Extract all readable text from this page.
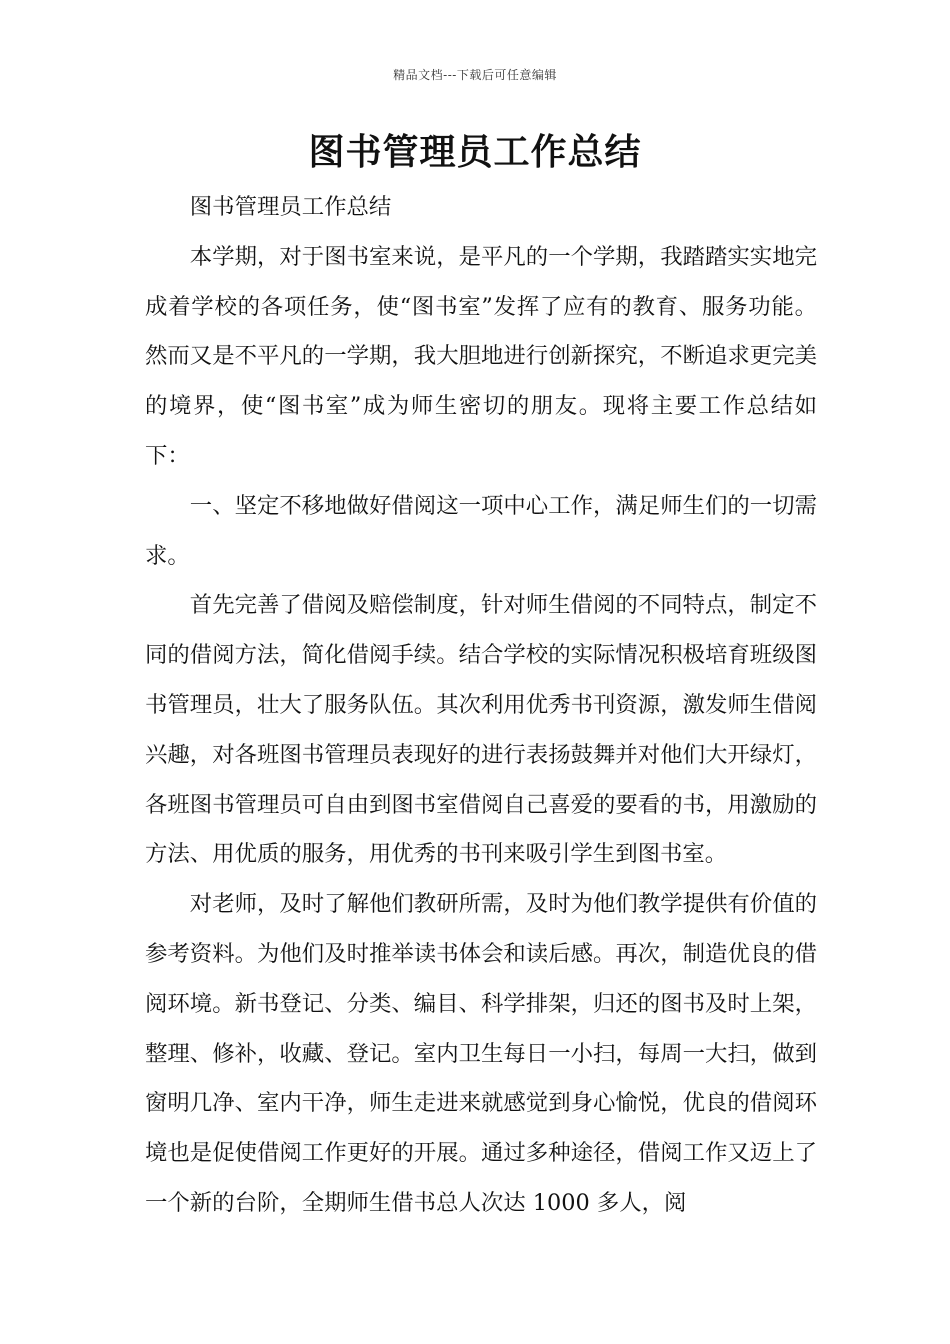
精品文档---下载后可任意编辑
图书管理员工作总结

图书管理员工作总结

本学期，对于图书室来说，是平凡的一个学期，我踏踏实实地完成着学校的各项任务，使“图书室”发挥了应有的教育、服务功能。然而又是不平凡的一学期，我大胆地进行创新探究，不断追求更完美的境界，使“图书室”成为师生密切的朋友。现将主要工作总结如下：

一、坚定不移地做好借阅这一项中心工作，满足师生们的一切需求。

首先完善了借阅及赔偿制度，针对师生借阅的不同特点，制定不同的借阅方法，简化借阅手续。结合学校的实际情况积极培育班级图书管理员，壮大了服务队伍。其次利用优秀书刊资源，激发师生借阅兴趣，对各班图书管理员表现好的进行表扬鼓舞并对他们大开绿灯，各班图书管理员可自由到图书室借阅自己喜爱的要看的书，用激励的方法、用优质的服务，用优秀的书刊来吸引学生到图书室。

对老师，及时了解他们教研所需，及时为他们教学提供有价值的参考资料。为他们及时推举读书体会和读后感。再次，制造优良的借阅环境。新书登记、分类、编目、科学排架，归还的图书及时上架，整理、修补，收藏、登记。室内卫生每日一小扫，每周一大扫，做到窗明几净、室内干净，师生走进来就感觉到身心愉悦，优良的借阅环境也是促使借阅工作更好的开展。通过多种途径，借阅工作又迈上了一个新的台阶，全期师生借书总人次达 1000 多人，阅
